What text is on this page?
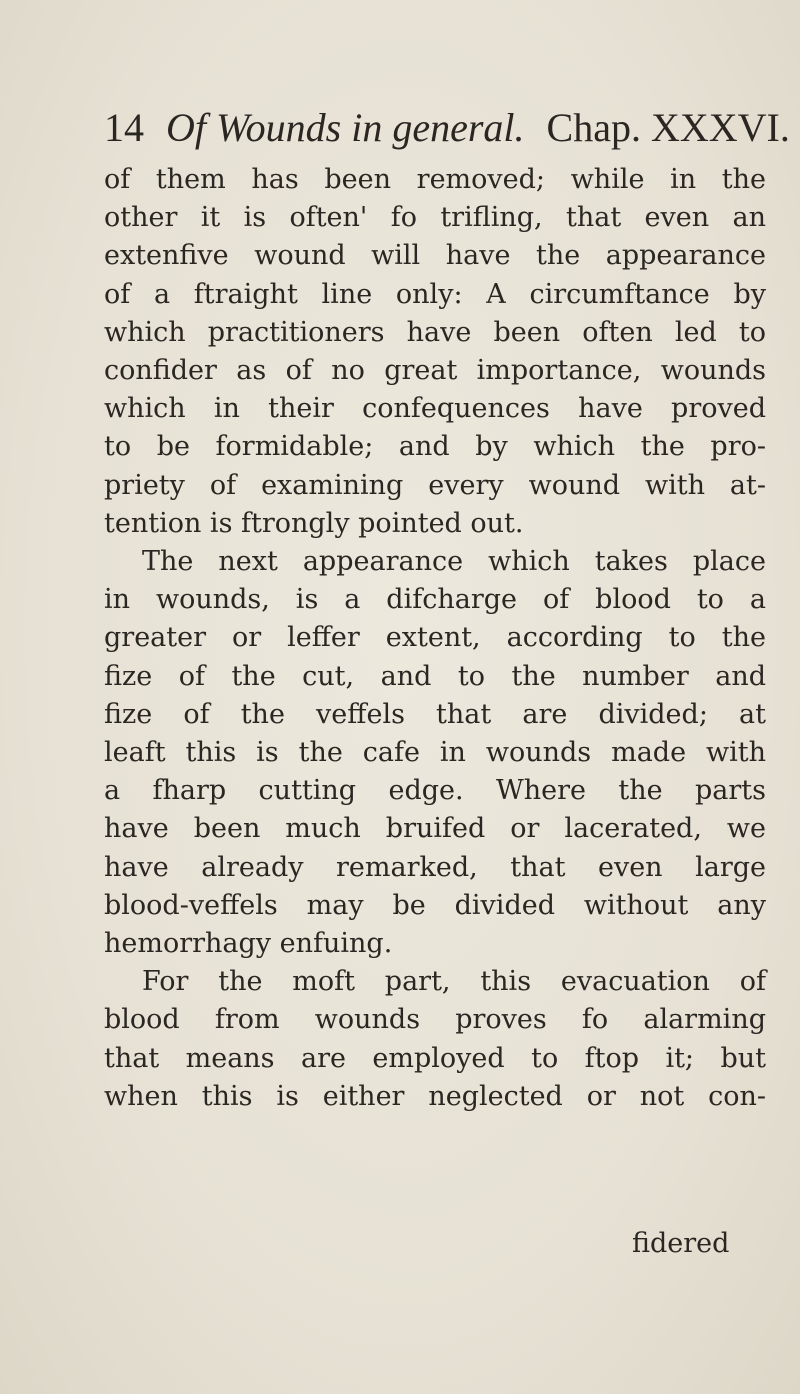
14 Of Wounds in general. Chap. XXXVI.
of them has been removed; while in the
other it is often' fo trifling, that even an
extenfive wound will have the appearance
of a ftraight line only: A circumftance by
which practitioners have been often led to
confider as of no great importance, wounds
which in their confequences have proved
to be formidable; and by which the pro-
priety of examining every wound with at-
tention is ftrongly pointed out.
The next appearance which takes place
in wounds, is a difcharge of blood to a
greater or leffer extent, according to the
fize of the cut, and to the number and
fize of the veffels that are divided; at
leaft this is the cafe in wounds made with
a fharp cutting edge. Where the parts
have been much bruifed or lacerated, we
have already remarked, that even large
blood-veffels may be divided without any
hemorrhagy enfuing.
For the moft part, this evacuation of
blood from wounds proves fo alarming
that means are employed to ftop it; but
when this is either neglected or not con-
fidered
